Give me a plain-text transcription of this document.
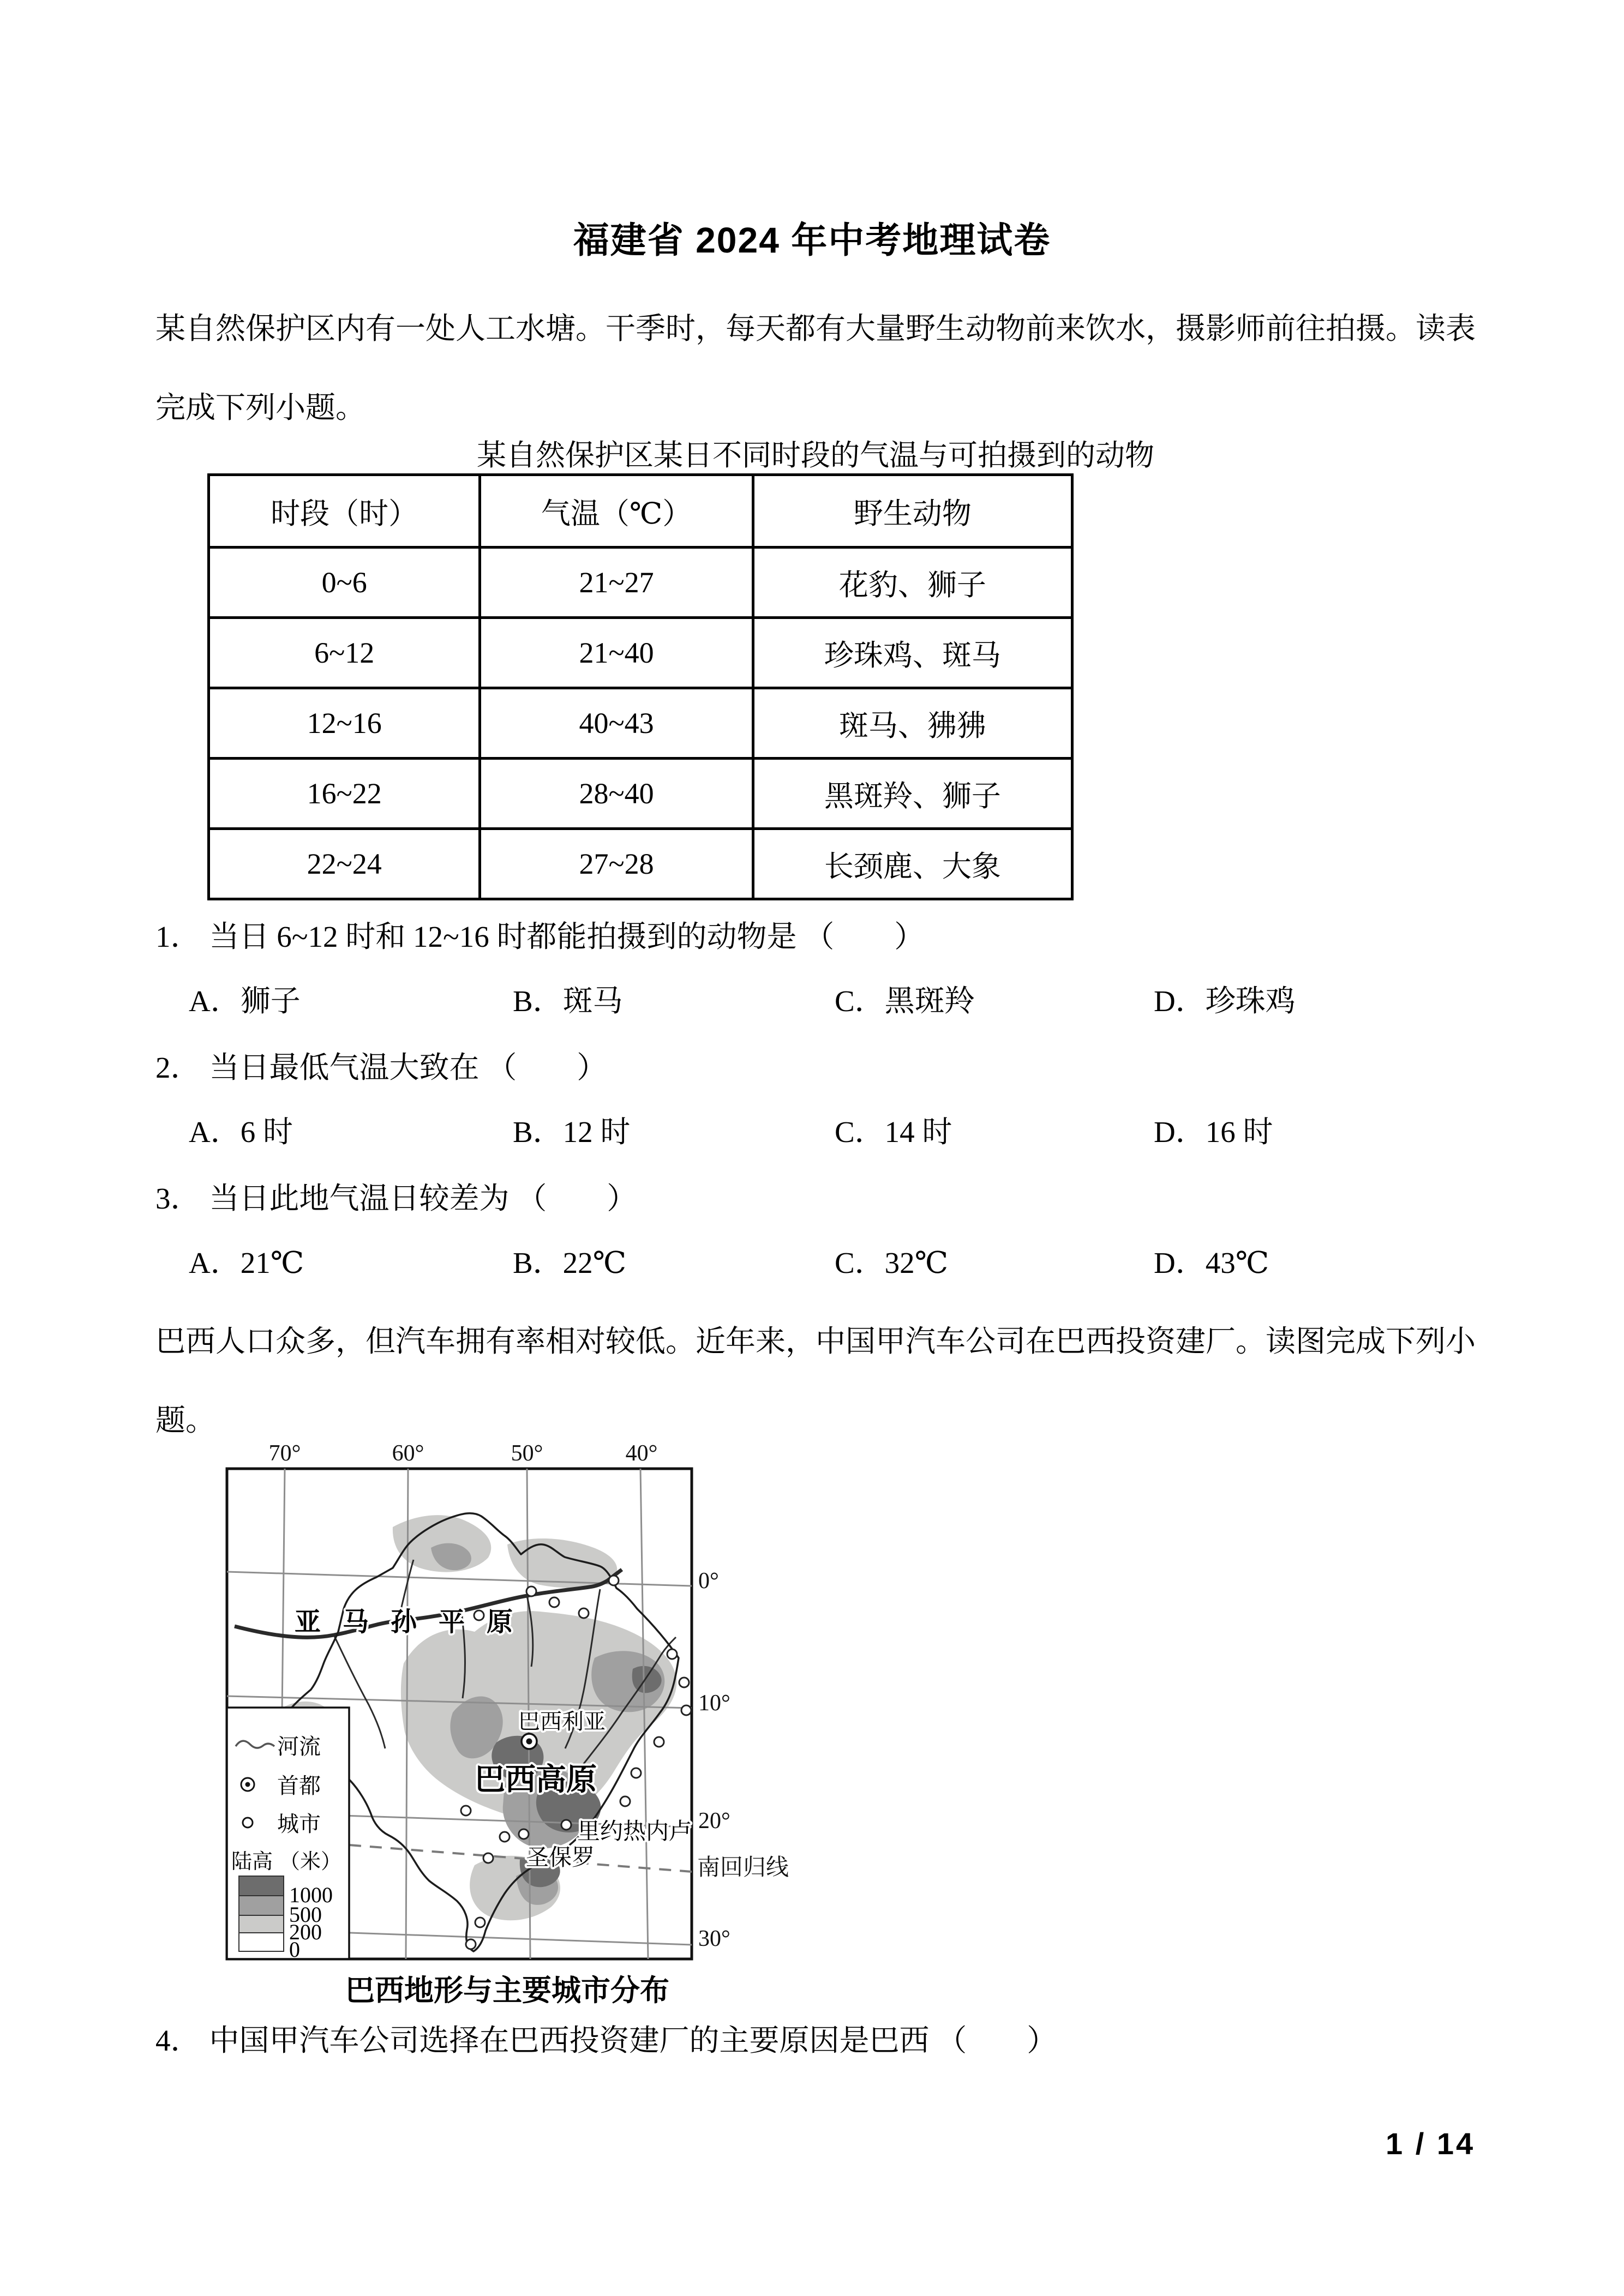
福建省 2024 年中考地理试卷

某自然保护区内有一处人工水塘。干季时，每天都有大量野生动物前来饮水，摄影师前往拍摄。读表完成下列小题。

某自然保护区某日不同时段的气温与可拍摄到的动物
时段（时）	气温（℃）	野生动物
0~6	21~27	花豹、狮子
6~12	21~40	珍珠鸡、斑马
12~16	40~43	斑马、狒狒
16~22	28~40	黑斑羚、狮子
22~24	27~28	长颈鹿、大象
1． 当日 6~12 时和 12~16 时都能拍摄到的动物是 （　　）
A．狮子	B．斑马	C．黑斑羚	D．珍珠鸡
2． 当日最低气温大致在 （　　）
A．6 时	B．12 时	C．14 时	D．16 时
3． 当日此地气温日较差为 （　　）
A．21℃	B．22℃	C．32℃	D．43℃

巴西人口众多，但汽车拥有率相对较低。近年来，中国甲汽车公司在巴西投资建厂。读图完成下列小题。

70°	60°	50°	40°
亚马孙平原
巴西利亚
巴西高原
里约热内卢
圣保罗
0°
10°
20°
30°
南回归线
河流
首都
城市
陆高 （米）
1000
500
200
0
巴西地形与主要城市分布
4． 中国甲汽车公司选择在巴西投资建厂的主要原因是巴西 （　　）
1 / 14
